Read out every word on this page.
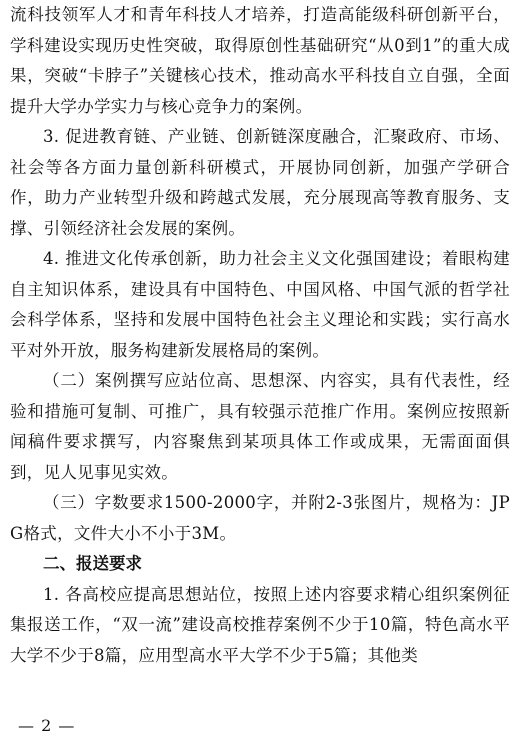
流科技领军人才和青年科技人才培养，打造高能级科研创新平台，学科建设实现历史性突破，取得原创性基础研究“从0到1”的重大成果，突破“卡脖子”关键核心技术，推动高水平科技自立自强，全面提升大学办学实力与核心竞争力的案例。

3. 促进教育链、产业链、创新链深度融合，汇聚政府、市场、社会等各方面力量创新科研模式，开展协同创新，加强产学研合作，助力产业转型升级和跨越式发展，充分展现高等教育服务、支撑、引领经济社会发展的案例。

4. 推进文化传承创新，助力社会主义文化强国建设；着眼构建自主知识体系，建设具有中国特色、中国风格、中国气派的哲学社会科学体系，坚持和发展中国特色社会主义理论和实践；实行高水平对外开放，服务构建新发展格局的案例。

（二）案例撰写应站位高、思想深、内容实，具有代表性，经验和措施可复制、可推广，具有较强示范推广作用。案例应按照新闻稿件要求撰写，内容聚焦到某项具体工作或成果，无需面面俱到，见人见事见实效。

（三）字数要求1500-2000字，并附2-3张图片，规格为：JPG格式，文件大小不小于3M。

二、报送要求

1. 各高校应提高思想站位，按照上述内容要求精心组织案例征集报送工作，“双一流”建设高校推荐案例不少于10篇，特色高水平大学不少于8篇，应用型高水平大学不少于5篇；其他类

— 2 —
